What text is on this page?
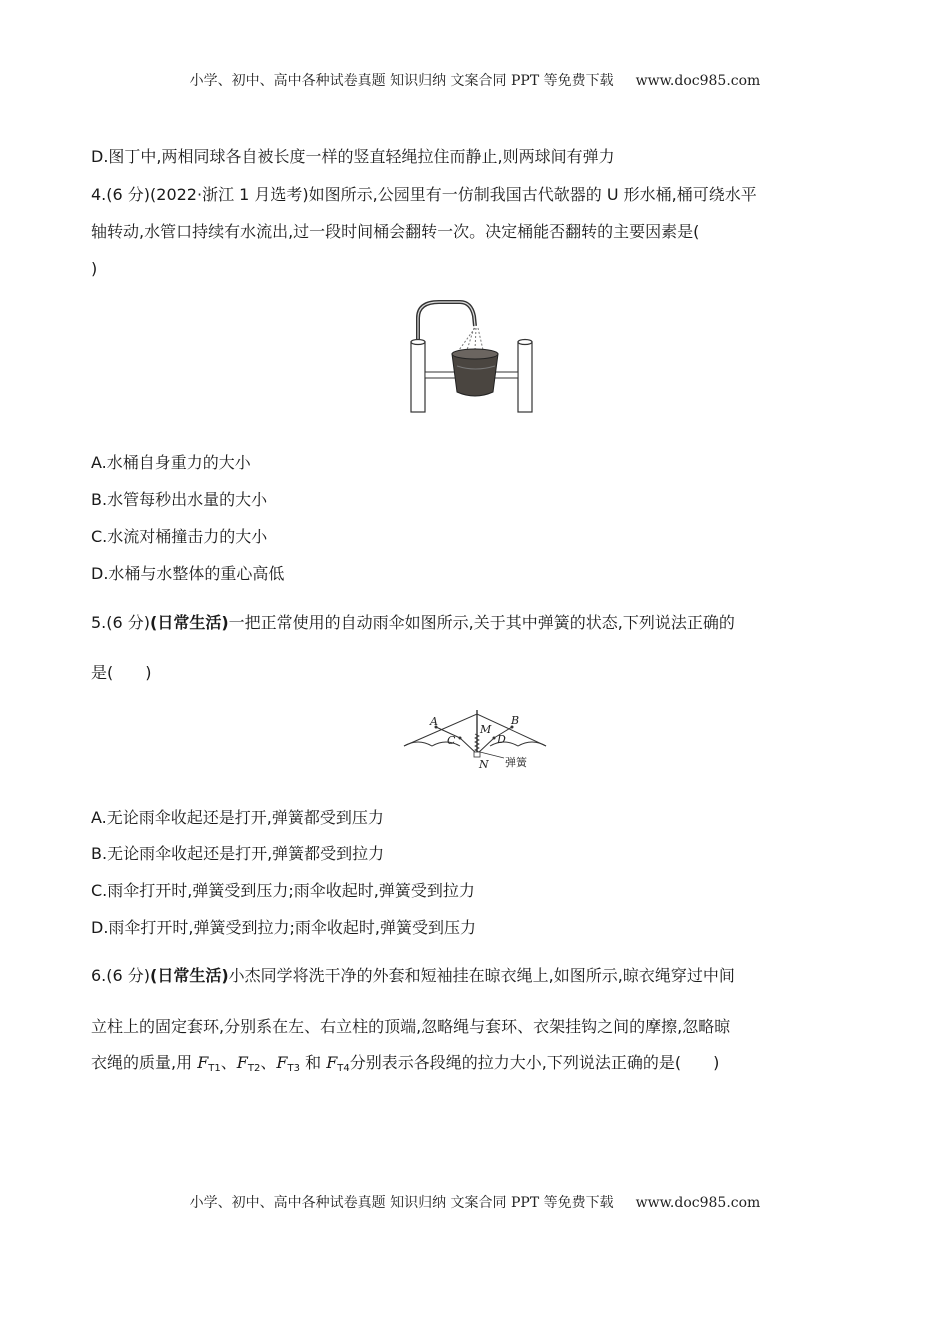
小学、初中、高中各种试卷真题 知识归纳 文案合同 PPT 等免费下载 www.doc985.com
D.图丁中,两相同球各自被长度一样的竖直轻绳拉住而静止,则两球间有弹力
4.(6 分)(2022·浙江 1 月选考)如图所示,公园里有一仿制我国古代欹器的 U 形水桶,桶可绕水平
轴转动,水管口持续有水流出,过一段时间桶会翻转一次。决定桶能否翻转的主要因素是(
)
A.水桶自身重力的大小
B.水管每秒出水量的大小
C.水流对桶撞击力的大小
D.水桶与水整体的重心高低
5.(6 分)(日常生活)一把正常使用的自动雨伞如图所示,关于其中弹簧的状态,下列说法正确的
是(　　)
A	B
C	D
M
N 弹簧
A.无论雨伞收起还是打开,弹簧都受到压力
B.无论雨伞收起还是打开,弹簧都受到拉力
C.雨伞打开时,弹簧受到压力;雨伞收起时,弹簧受到拉力
D.雨伞打开时,弹簧受到拉力;雨伞收起时,弹簧受到压力
6.(6 分)(日常生活)小杰同学将洗干净的外套和短袖挂在晾衣绳上,如图所示,晾衣绳穿过中间
立柱上的固定套环,分别系在左、右立柱的顶端,忽略绳与套环、衣架挂钩之间的摩擦,忽略晾
衣绳的质量,用 $F_{T1}$、$F_{T2}$、$F_{T3}$ 和 $F_{T4}$分别表示各段绳的拉力大小,下列说法正确的是(　　)
小学、初中、高中各种试卷真题 知识归纳 文案合同 PPT 等免费下载 www.doc985.com
